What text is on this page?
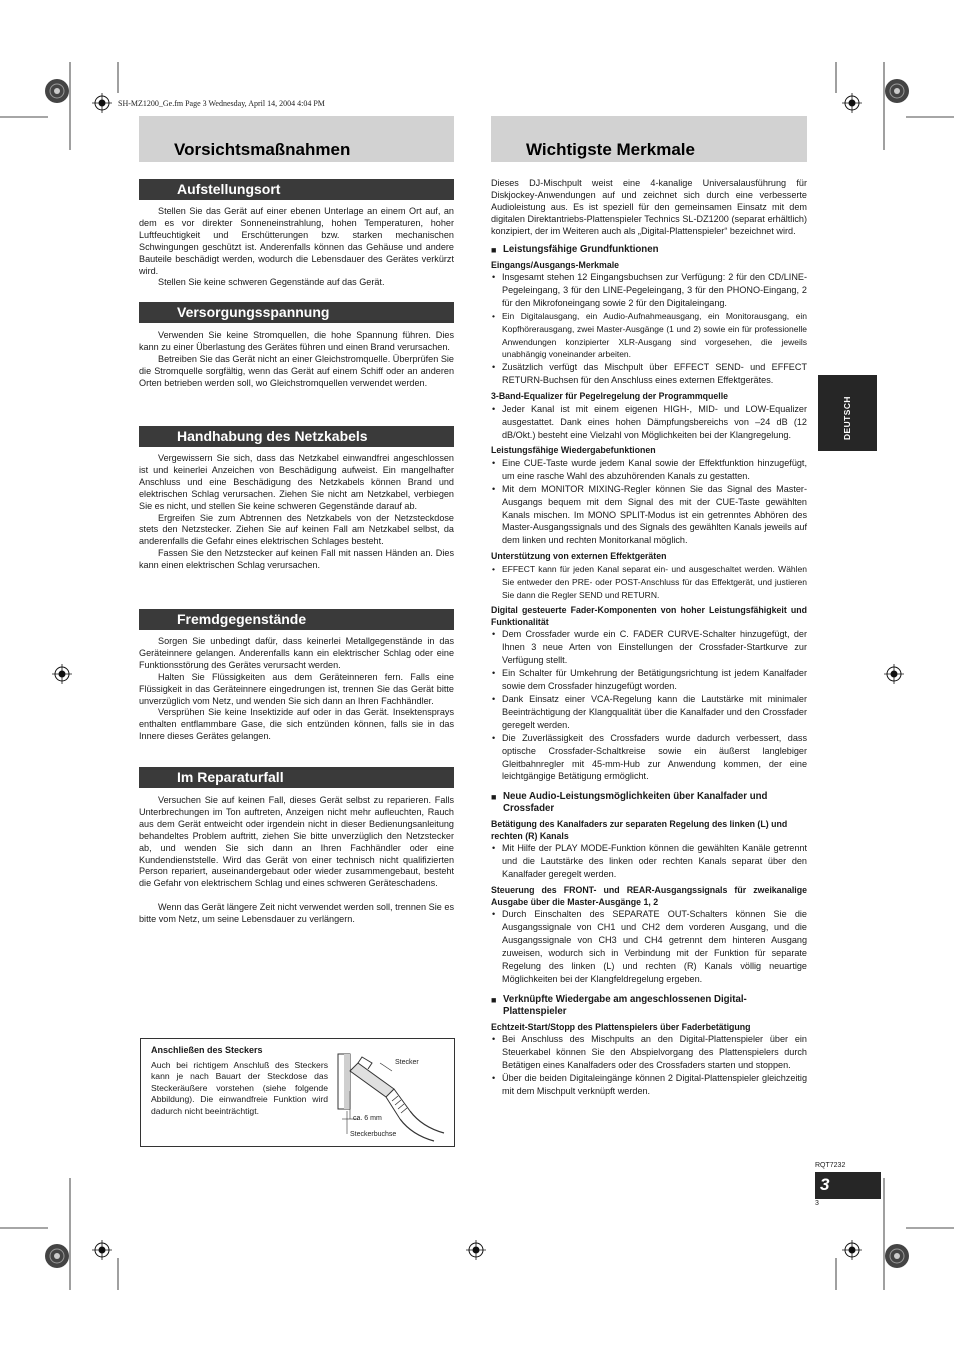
SH-MZ1200_Ge.fm Page 3 Wednesday, April 14, 2004 4:04 PM
Vorsichtsmaßnahmen
Aufstellungsort

Stellen Sie das Gerät auf einer ebenen Unterlage an einem Ort auf, an dem es vor direkter Sonneneinstrahlung, hohen Temperaturen, hoher Luftfeuchtigkeit und Erschütterungen bzw. starken mechanischen Schwingungen geschützt ist. Anderenfalls können das Gehäuse und andere Bauteile beschädigt werden, wodurch die Lebensdauer des Gerätes verkürzt wird.

Stellen Sie keine schweren Gegenstände auf das Gerät.

Versorgungsspannung

Verwenden Sie keine Stromquellen, die hohe Spannung führen. Dies kann zu einer Überlastung des Gerätes führen und einen Brand verursachen.

Betreiben Sie das Gerät nicht an einer Gleichstromquelle. Überprüfen Sie die Stromquelle sorgfältig, wenn das Gerät auf einem Schiff oder an anderen Orten betrieben werden soll, wo Gleichstromquellen verwendet werden.

Handhabung des Netzkabels

Vergewissern Sie sich, dass das Netzkabel einwandfrei angeschlossen ist und keinerlei Anzeichen von Beschädigung aufweist. Ein mangelhafter Anschluss und eine Beschädigung des Netzkabels können Brand und elektrischen Schlag verursachen. Ziehen Sie nicht am Netzkabel, verbiegen Sie es nicht, und stellen Sie keine schweren Gegenstände darauf ab.

Ergreifen Sie zum Abtrennen des Netzkabels von der Netzsteckdose stets den Netzstecker. Ziehen Sie auf keinen Fall am Netzkabel selbst, da anderenfalls die Gefahr eines elektrischen Schlages besteht.

Fassen Sie den Netzstecker auf keinen Fall mit nassen Händen an. Dies kann einen elektrischen Schlag verursachen.

Fremdgegenstände

Sorgen Sie unbedingt dafür, dass keinerlei Metallgegenstände in das Geräteinnere gelangen. Anderenfalls kann ein elektrischer Schlag oder eine Funktionsstörung des Gerätes verursacht werden.

Halten Sie Flüssigkeiten aus dem Geräteinneren fern. Falls eine Flüssigkeit in das Geräteinnere eingedrungen ist, trennen Sie das Gerät bitte unverzüglich vom Netz, und wenden Sie sich dann an Ihren Fachhändler.

Versprühen Sie keine Insektizide auf oder in das Gerät. Insektensprays enthalten entflammbare Gase, die sich entzünden können, falls sie in das Innere dieses Gerätes gelangen.

Im Reparaturfall

Versuchen Sie auf keinen Fall, dieses Gerät selbst zu reparieren. Falls Unterbrechungen im Ton auftreten, Anzeigen nicht mehr aufleuchten, Rauch aus dem Gerät entweicht oder irgendein nicht in dieser Bedienungsanleitung behandeltes Problem auftritt, ziehen Sie bitte unverzüglich den Netzstecker ab, und wenden Sie sich dann an Ihren Fachhändler oder eine Kundendienststelle. Wird das Gerät von einer technisch nicht qualifizierten Person repariert, auseinandergebaut oder wieder zusammengebaut, besteht die Gefahr von elektrischem Schlag und eines schweren Geräteschadens.

Wenn das Gerät längere Zeit nicht verwendet werden soll, trennen Sie es bitte vom Netz, um seine Lebensdauer zu verlängern.

Anschließen des Steckers
Auch bei richtigem Anschluß des Steckers kann je nach Bauart der Steckdose das Steckeräußere vorstehen (siehe folgende Abbildung). Die einwandfreie Funktion wird dadurch nicht beeinträchtigt.
Stecker
ca. 6 mm
Steckerbuchse
Wichtigste Merkmale

Dieses DJ-Mischpult weist eine 4-kanalige Universalausführung für Diskjockey-Anwendungen auf und zeichnet sich durch eine verbesserte Audioleistung aus. Es ist speziell für den gemeinsamen Einsatz mit dem digitalen Direktantriebs-Plattenspieler Technics SL-DZ1200 (separat erhältlich) konzipiert, der im Weiteren auch als „Digital-Plattenspieler“ bezeichnet wird.

■ Leistungsfähige Grundfunktionen

Eingangs/Ausgangs-Merkmale

• Insgesamt stehen 12 Eingangsbuchsen zur Verfügung: 2 für den CD/LINE-Pegeleingang, 3 für den LINE-Pegeleingang, 3 für den PHONO-Eingang, 2 für den Mikrofoneingang sowie 2 für den Digitaleingang.

• Ein Digitalausgang, ein Audio-Aufnahmeausgang, ein Monitorausgang, ein Kopfhörerausgang, zwei Master-Ausgänge (1 und 2) sowie ein für professionelle Anwendungen konzipierter XLR-Ausgang sind vorgesehen, die jeweils unabhängig voneinander arbeiten.

• Zusätzlich verfügt das Mischpult über EFFECT SEND- und EFFECT RETURN-Buchsen für den Anschluss eines externen Effektgerätes.

3-Band-Equalizer für Pegelregelung der Programmquelle

• Jeder Kanal ist mit einem eigenen HIGH-, MID- und LOW-Equalizer ausgestattet. Dank eines hohen Dämpfungsbereichs von –24 dB (12 dB/Okt.) besteht eine Vielzahl von Möglichkeiten bei der Klangregelung.

Leistungsfähige Wiedergabefunktionen

• Eine CUE-Taste wurde jedem Kanal sowie der Effektfunktion hinzugefügt, um eine rasche Wahl des abzuhörenden Kanals zu gestatten.

• Mit dem MONITOR MIXING-Regler können Sie das Signal des Master-Ausgangs bequem mit dem Signal des mit der CUE-Taste gewählten Kanals mischen. Im MONO SPLIT-Modus ist ein getrenntes Abhören des Master-Ausgangssignals und des Signals des gewählten Kanals jeweils auf dem linken und rechten Monitorkanal möglich.

Unterstützung von externen Effektgeräten

• EFFECT kann für jeden Kanal separat ein- und ausgeschaltet werden. Wählen Sie entweder den PRE- oder POST-Anschluss für das Effektgerät, und justieren Sie dann die Regler SEND und RETURN.

Digital gesteuerte Fader-Komponenten von hoher Leistungsfähigkeit und Funktionalität

• Dem Crossfader wurde ein C. FADER CURVE-Schalter hinzugefügt, der Ihnen 3 neue Arten von Einstellungen der Crossfader-Startkurve zur Verfügung stellt.

• Ein Schalter für Umkehrung der Betätigungsrichtung ist jedem Kanalfader sowie dem Crossfader hinzugefügt worden.

• Dank Einsatz einer VCA-Regelung kann die Lautstärke mit minimaler Beeinträchtigung der Klangqualität über die Kanalfader und den Crossfader geregelt werden.

• Die Zuverlässigkeit des Crossfaders wurde dadurch verbessert, dass optische Crossfader-Schaltkreise sowie ein äußerst langlebiger Gleitbahnregler mit 45-mm-Hub zur Anwendung kommen, der eine leichtgängige Betätigung ermöglicht.

■ Neue Audio-Leistungsmöglichkeiten über Kanalfader und Crossfader

Betätigung des Kanalfaders zur separaten Regelung des linken (L) und rechten (R) Kanals

• Mit Hilfe der PLAY MODE-Funktion können die gewählten Kanäle getrennt und die Lautstärke des linken oder rechten Kanals separat über den Kanalfader geregelt werden.

Steuerung des FRONT- und REAR-Ausgangssignals für zweikanalige Ausgabe über die Master-Ausgänge 1, 2

• Durch Einschalten des SEPARATE OUT-Schalters können Sie die Ausgangssignale von CH1 und CH2 dem vorderen Ausgang, und die Ausgangssignale von CH3 und CH4 getrennt dem hinteren Ausgang zuweisen, wodurch sich in Verbindung mit der Funktion für separate Regelung des linken (L) und rechten (R) Kanals völlig neuartige Möglichkeiten bei der Klangfeldregelung ergeben.

■ Verknüpfte Wiedergabe am angeschlossenen Digital-Plattenspieler

Echtzeit-Start/Stopp des Plattenspielers über Faderbetätigung

• Bei Anschluss des Mischpults an den Digital-Plattenspieler über ein Steuerkabel können Sie den Abspielvorgang des Plattenspielers durch Betätigen eines Kanalfaders oder des Crossfaders starten und stoppen.

• Über die beiden Digitaleingänge können 2 Digital-Plattenspieler gleichzeitig mit dem Mischpult verknüpft werden.

DEUTSCH
RQT7232
3
3
